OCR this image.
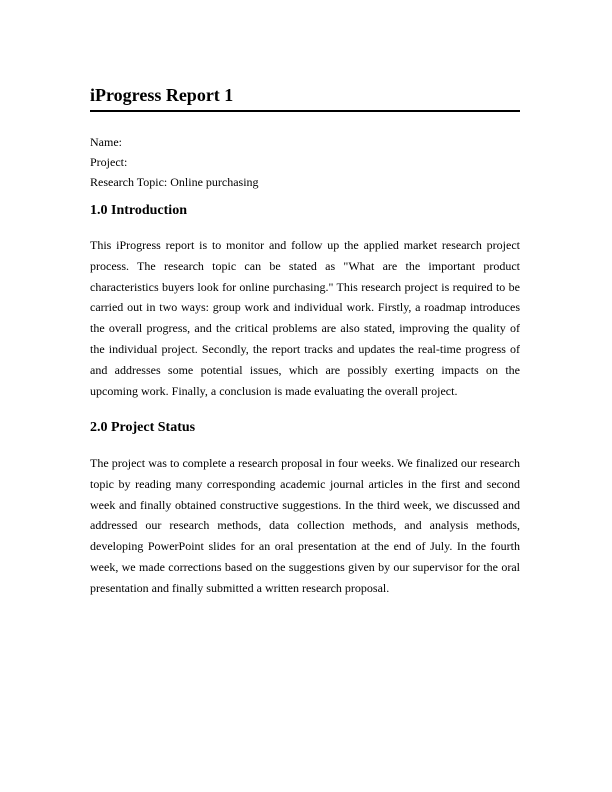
iProgress Report 1
Name:
Project:
Research Topic: Online purchasing
1.0 Introduction

This iProgress report is to monitor and follow up the applied market research project process. The research topic can be stated as "What are the important product characteristics buyers look for online purchasing." This research project is required to be carried out in two ways: group work and individual work. Firstly, a roadmap introduces the overall progress, and the critical problems are also stated, improving the quality of the individual project. Secondly, the report tracks and updates the real-time progress of and addresses some potential issues, which are possibly exerting impacts on the upcoming work. Finally, a conclusion is made evaluating the overall project.

2.0 Project Status

The project was to complete a research proposal in four weeks. We finalized our research topic by reading many corresponding academic journal articles in the first and second week and finally obtained constructive suggestions. In the third week, we discussed and addressed our research methods, data collection methods, and analysis methods, developing PowerPoint slides for an oral presentation at the end of July. In the fourth week, we made corrections based on the suggestions given by our supervisor for the oral presentation and finally submitted a written research proposal.
